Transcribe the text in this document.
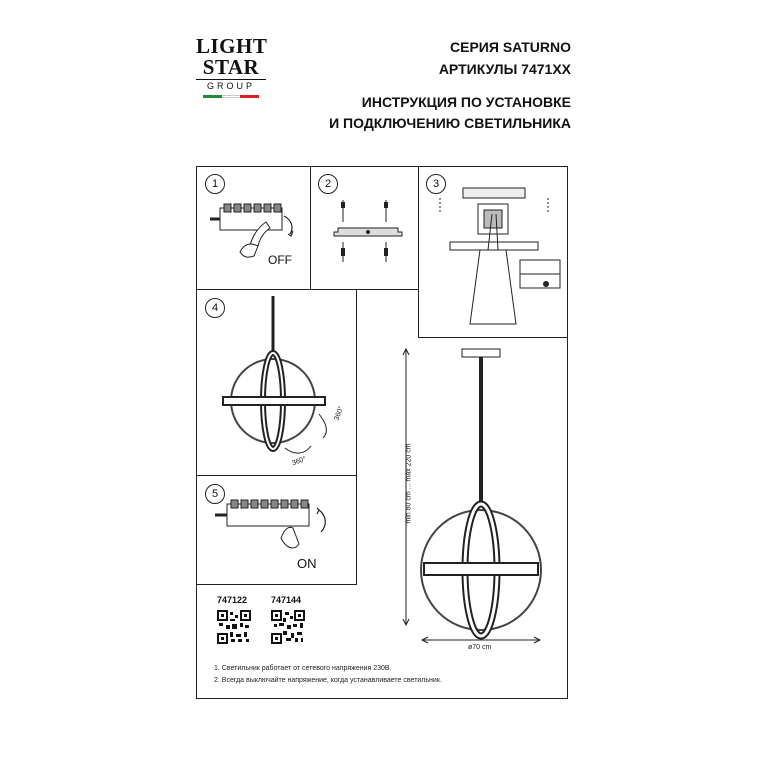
LIGHT
STAR
GROUP
СЕРИЯ SATURNO
АРТИКУЛЫ 7471XX
ИНСТРУКЦИЯ ПО УСТАНОВКЕ
И ПОДКЛЮЧЕНИЮ СВЕТИЛЬНИКА
1	2	3
4
5
OFF
360°
360°
ON
min 80 cm ... max 220 cm
ø70 cm
747122	747144
1. Светильник работает от сетевого напряжения 230В.
2. Всегда выключайте напряжение, когда устанавливаете светильник.
